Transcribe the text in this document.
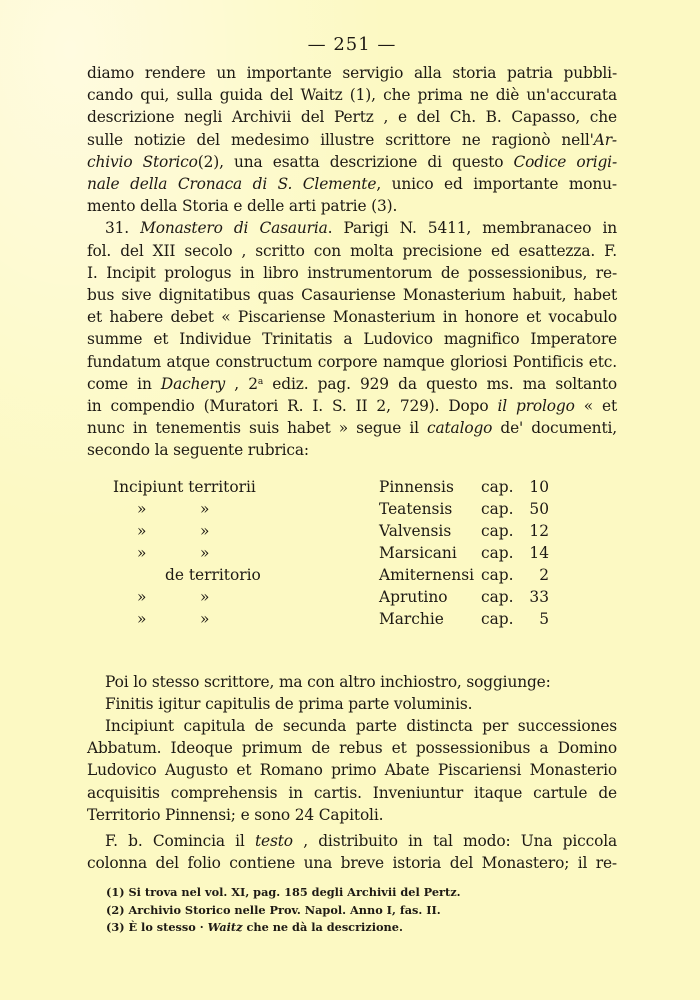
— 251 —
diamo rendere un importante servigio alla storia patria pubbli-
cando qui, sulla guida del Waitz (1), che prima ne diè un'accurata
descrizione negli Archivii del Pertz , e del Ch. B. Capasso, che
sulle notizie del medesimo illustre scrittore ne ragionò nell'Ar-
chivio Storico(2), una esatta descrizione di questo Codice origi-
nale della Cronaca di S. Clemente, unico ed importante monu-
mento della Storia e delle arti patrie (3).
31. Monastero di Casauria. Parigi N. 5411, membranaceo in
fol. del XII secolo , scritto con molta precisione ed esattezza. F.
I. Incipit prologus in libro instrumentorum de possessionibus, re-
bus sive dignitatibus quas Casauriense Monasterium habuit, habet
et habere debet « Piscariense Monasterium in honore et vocabulo
summe et Individue Trinitatis a Ludovico magnifico Imperatore
fundatum atque constructum corpore namque gloriosi Pontificis etc.
come in Dachery , 2$^a$ ediz. pag. 929 da questo ms. ma soltanto
in compendio (Muratori R. I. S. II 2, 729). Dopo il prologo « et
nunc in tenementis suis habet » segue il catalogo de' documenti,
secondo la seguente rubrica:
Incipiunt territorii	Pinnensis cap. 10
»	»	Teatensis cap. 50
»	»	Valvensis cap. 12
»	»	Marsicani cap. 14
de territorio	Amiternensi cap.	2
»	»	Aprutino cap. 33
»	»	Marchie cap.	5
Poi lo stesso scrittore, ma con altro inchiostro, soggiunge:
Finitis igitur capitulis de prima parte voluminis.
Incipiunt capitula de secunda parte distincta per successiones
Abbatum. Ideoque primum de rebus et possessionibus a Domino
Ludovico Augusto et Romano primo Abate Piscariensi Monasterio
acquisitis comprehensis in cartis. Inveniuntur itaque cartule de
Territorio Pinnensi; e sono 24 Capitoli.
F. b. Comincia il testo , distribuito in tal modo: Una piccola
colonna del folio contiene una breve istoria del Monastero; il re-
(1) Si trova nel vol. XI, pag. 185 degli Archivii del Pertz.
(2) Archivio Storico nelle Prov. Napol. Anno I, fas. II.
(3) È lo stesso · Waitz che ne dà la descrizione.
